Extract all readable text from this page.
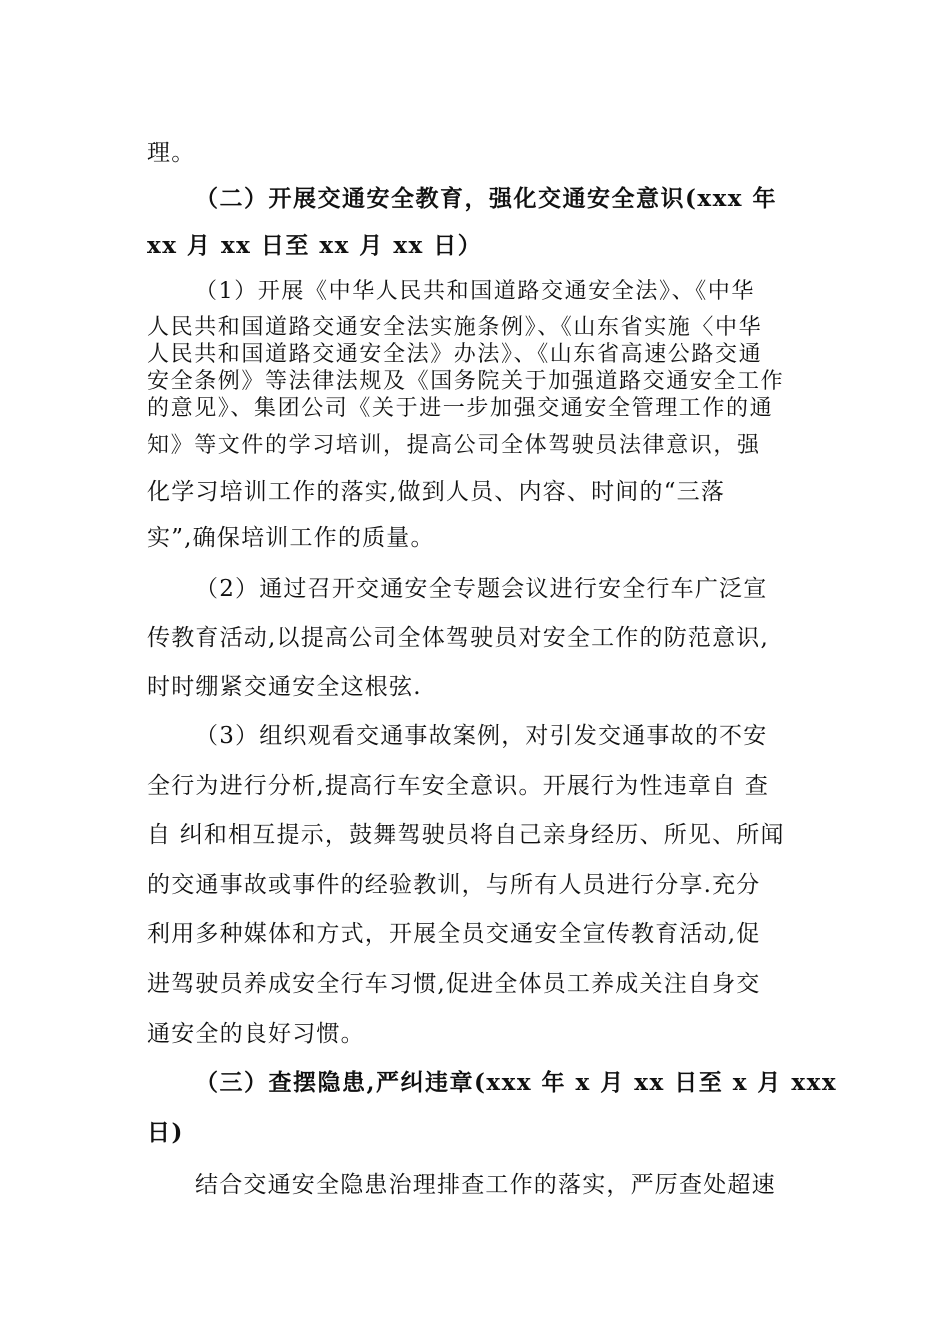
理。
（二）开展交通安全教育，强化交通安全意识(xxx 年
xx 月 xx 日至 xx 月 xx 日）
（1）开展《中华人民共和国道路交通安全法》、《中华
人民共和国道路交通安全法实施条例》、《山东省实施〈中华
人民共和国道路交通安全法》办法》、《山东省高速公路交通
安全条例》等法律法规及《国务院关于加强道路交通安全工作
的意见》、集团公司《关于进一步加强交通安全管理工作的通
知》等文件的学习培训，提高公司全体驾驶员法律意识，强
化学习培训工作的落实,做到人员、内容、时间的“三落
实”,确保培训工作的质量。
（2）通过召开交通安全专题会议进行安全行车广泛宣
传教育活动,以提高公司全体驾驶员对安全工作的防范意识,
时时绷紧交通安全这根弦.
（3）组织观看交通事故案例，对引发交通事故的不安
全行为进行分析,提高行车安全意识。开展行为性违章自 查
自 纠和相互提示，鼓舞驾驶员将自己亲身经历、所见、所闻
的交通事故或事件的经验教训，与所有人员进行分享.充分
利用多种媒体和方式，开展全员交通安全宣传教育活动,促
进驾驶员养成安全行车习惯,促进全体员工养成关注自身交
通安全的良好习惯。
（三）查摆隐患,严纠违章(xxx 年 x 月 xx 日至 x 月 xxx
日)
结合交通安全隐患治理排查工作的落实，严厉查处超速
